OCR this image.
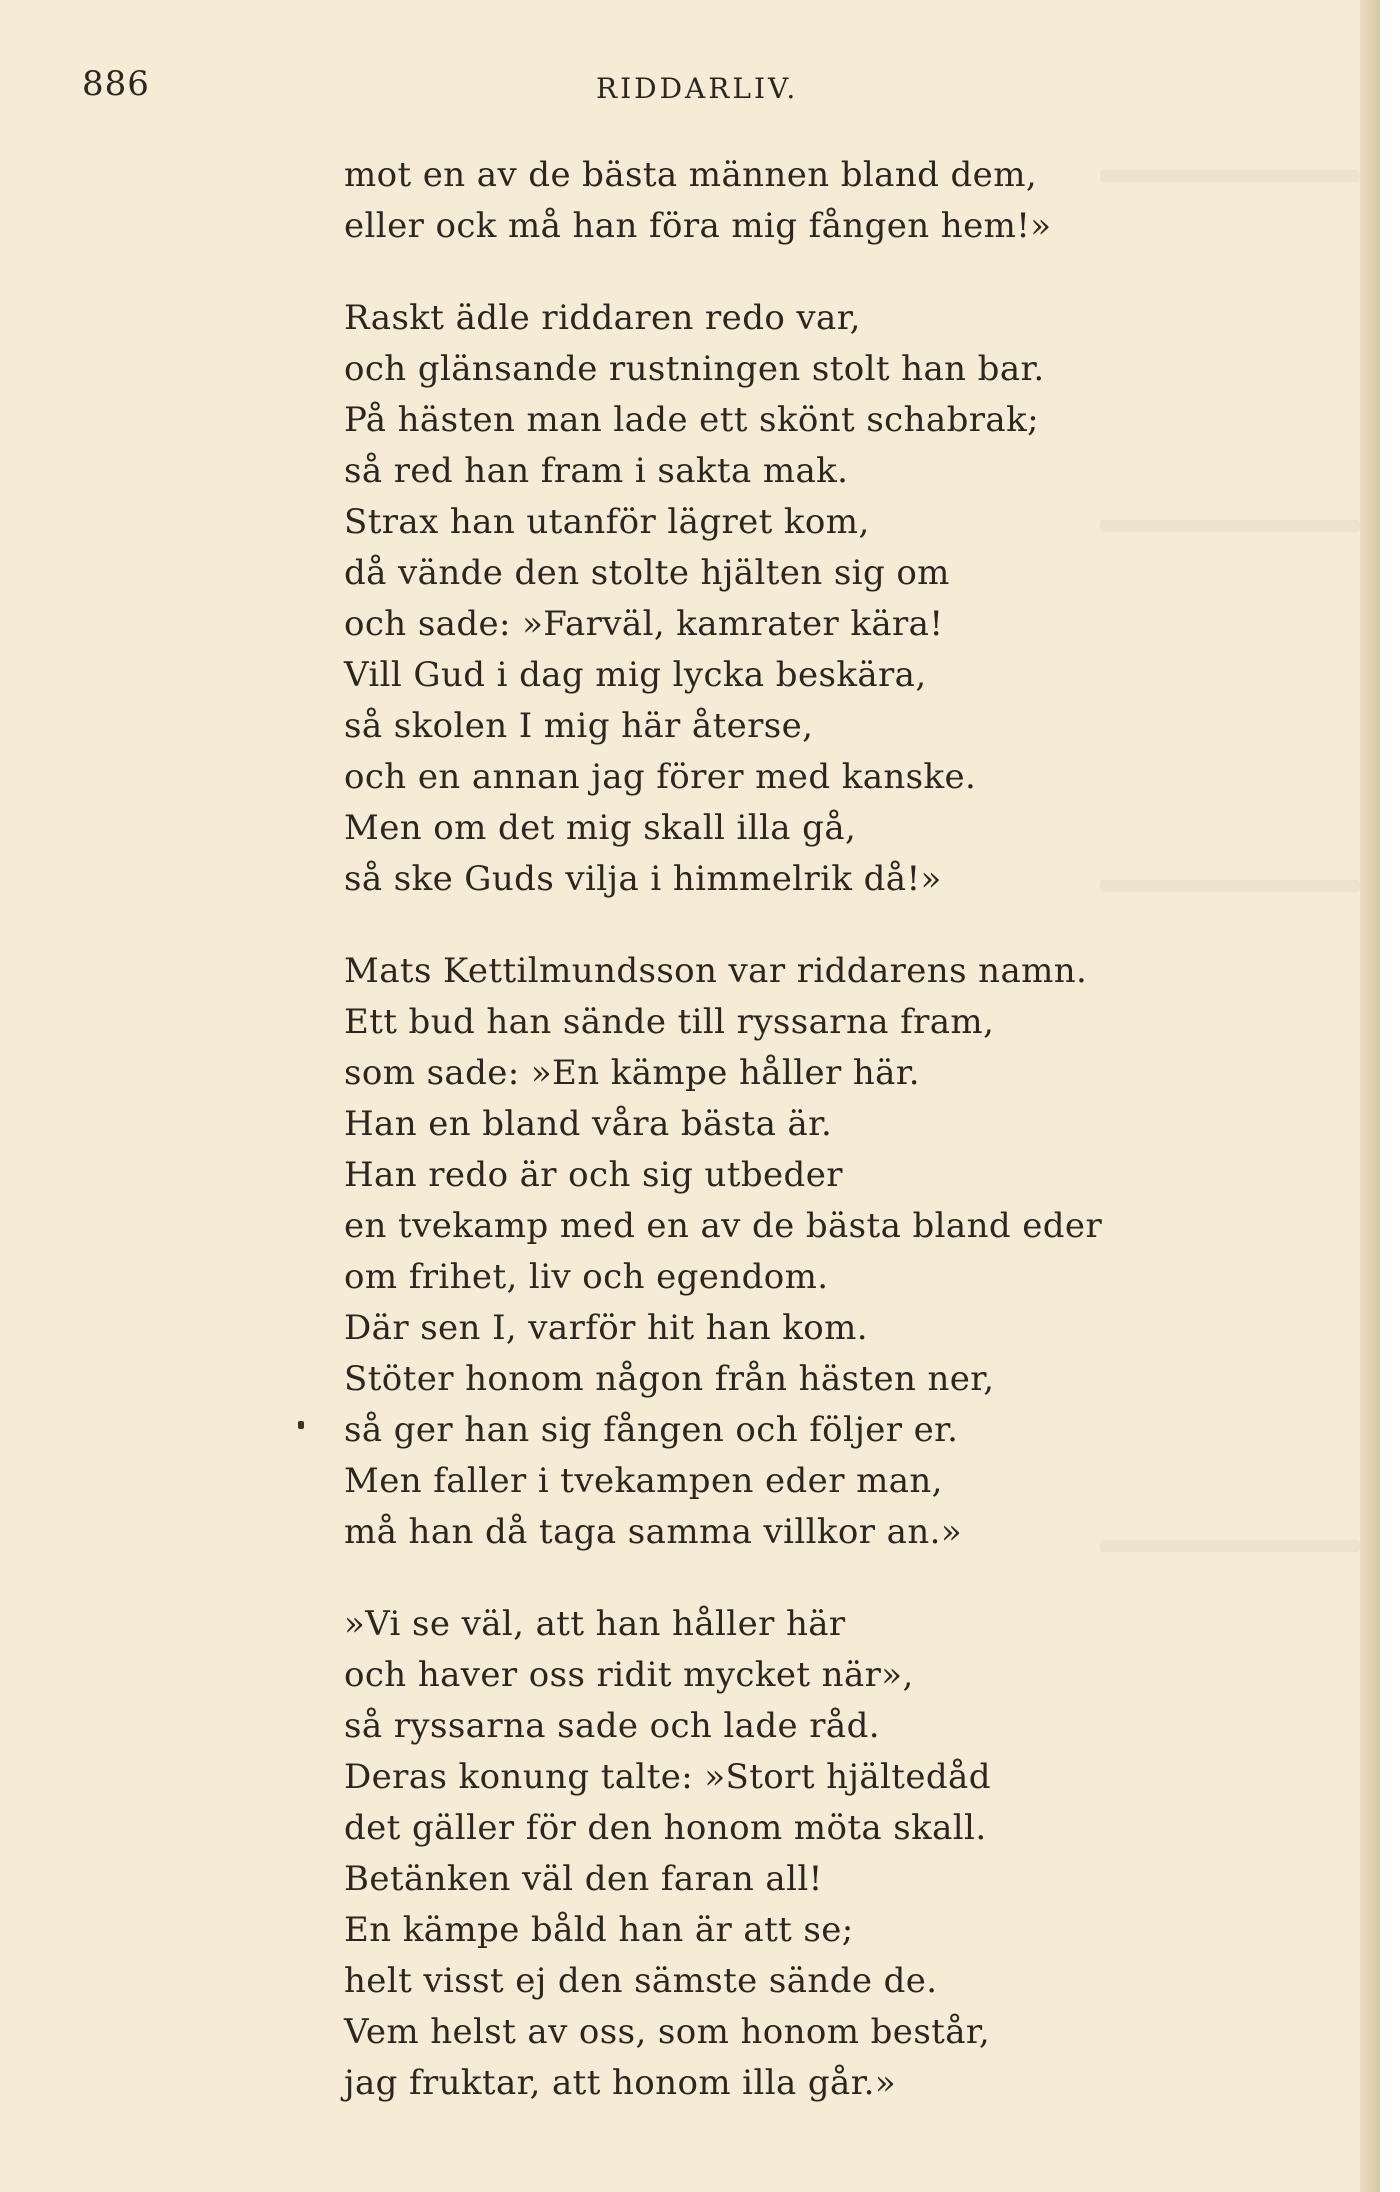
886	RIDDARLIV.
mot en av de bästa männen bland dem,
eller ock må han föra mig fången hem!»
Raskt ädle riddaren redo var,
och glänsande rustningen stolt han bar.
På hästen man lade ett skönt schabrak;
så red han fram i sakta mak.
Strax han utanför lägret kom,
då vände den stolte hjälten sig om
och sade: »Farväl, kamrater kära!
Vill Gud i dag mig lycka beskära,
så skolen I mig här återse,
och en annan jag förer med kanske.
Men om det mig skall illa gå,
så ske Guds vilja i himmelrik då!»
Mats Kettilmundsson var riddarens namn.
Ett bud han sände till ryssarna fram,
som sade: »En kämpe håller här.
Han en bland våra bästa är.
Han redo är och sig utbeder
en tvekamp med en av de bästa bland eder
om frihet, liv och egendom.
Där sen I, varför hit han kom.
Stöter honom någon från hästen ner,
så ger han sig fången och följer er.
Men faller i tvekampen eder man,
må han då taga samma villkor an.»
»Vi se väl, att han håller här
och haver oss ridit mycket när»,
så ryssarna sade och lade råd.
Deras konung talte: »Stort hjältedåd
det gäller för den honom möta skall.
Betänken väl den faran all!
En kämpe båld han är att se;
helt visst ej den sämste sände de.
Vem helst av oss, som honom består,
jag fruktar, att honom illa går.»
